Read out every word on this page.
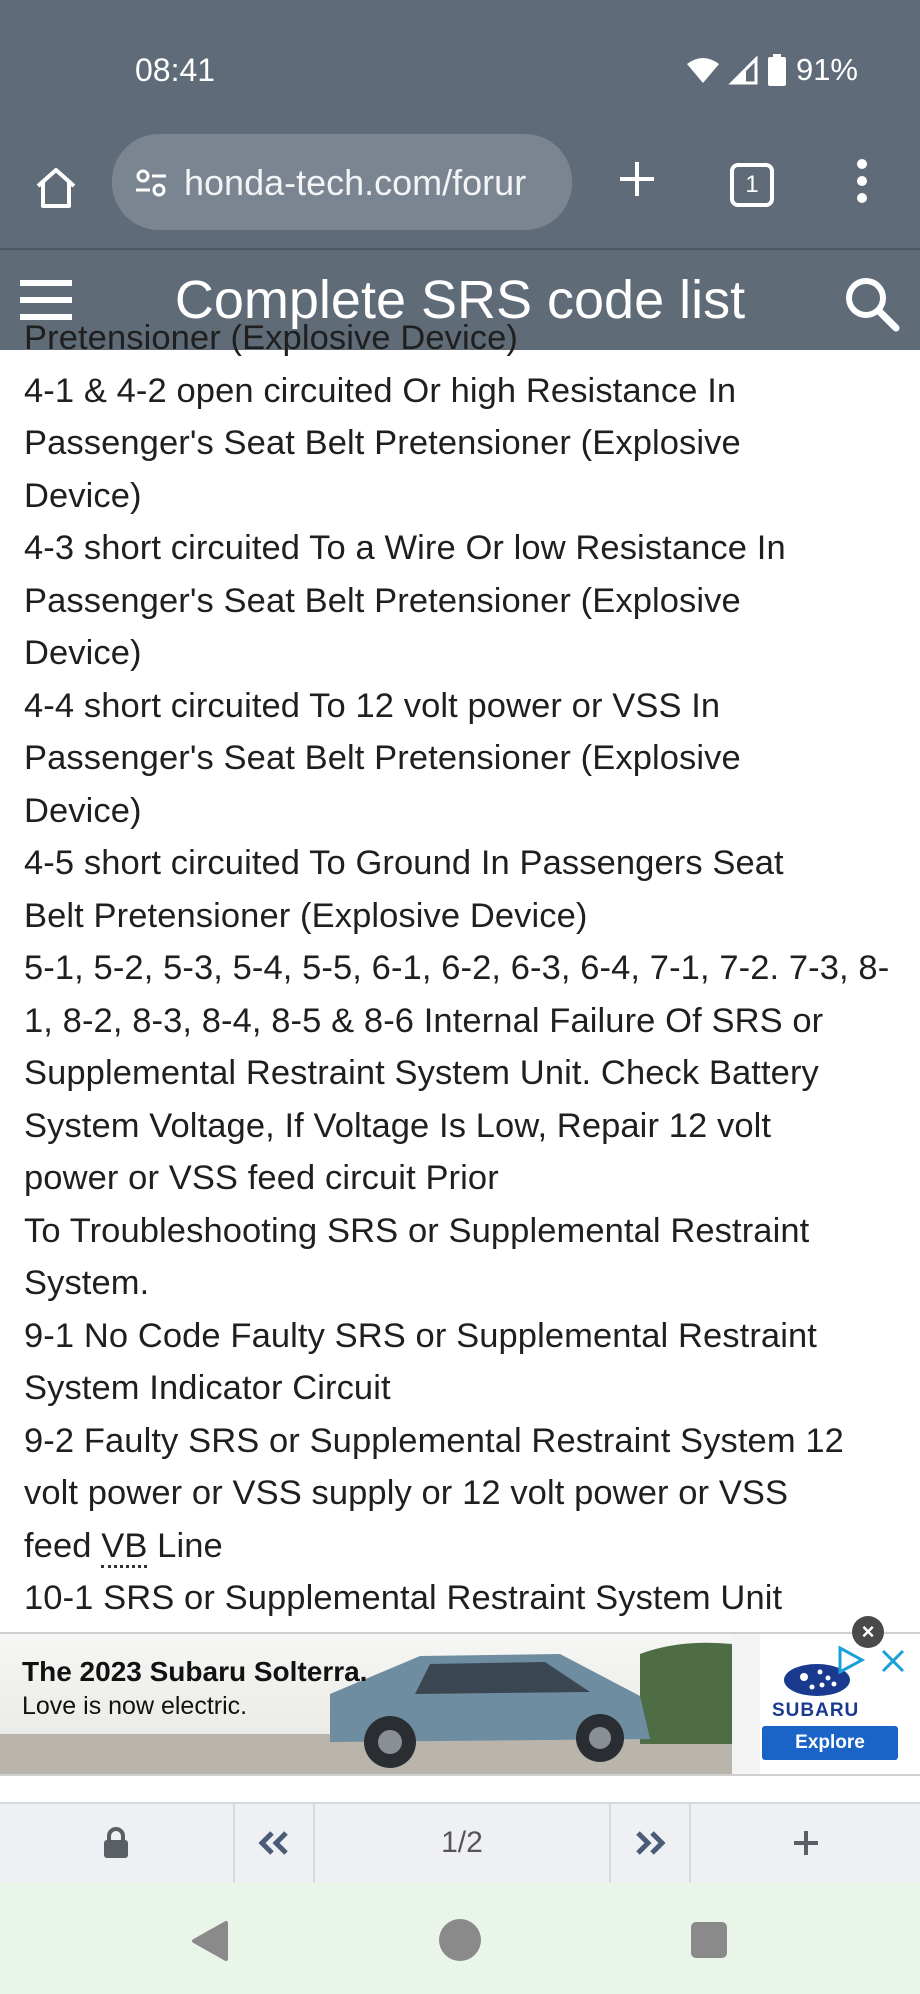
08:41	91%
1
honda-tech.com/forur
Complete SRS code list
Pretensioner (Explosive Device)
4-1 & 4-2 open circuited Or high Resistance In
Passenger's Seat Belt Pretensioner (Explosive
Device)
4-3 short circuited To a Wire Or low Resistance In
Passenger's Seat Belt Pretensioner (Explosive
Device)
4-4 short circuited To 12 volt power or VSS In
Passenger's Seat Belt Pretensioner (Explosive
Device)
4-5 short circuited To Ground In Passengers Seat
Belt Pretensioner (Explosive Device)
5-1, 5-2, 5-3, 5-4, 5-5, 6-1, 6-2, 6-3, 6-4, 7-1, 7-2. 7-3, 8-
1, 8-2, 8-3, 8-4, 8-5 & 8-6 Internal Failure Of SRS or
Supplemental Restraint System Unit. Check Battery
System Voltage, If Voltage Is Low, Repair 12 volt
power or VSS feed circuit Prior
To Troubleshooting SRS or Supplemental Restraint
System.
9-1 No Code Faulty SRS or Supplemental Restraint
System Indicator Circuit
9-2 Faulty SRS or Supplemental Restraint System 12
volt power or VSS supply or 12 volt power or VSS
feed VB Line
10-1 SRS or Supplemental Restraint System Unit
The 2023 Subaru Solterra.
Love is now electric.	SUBARU
Explore
×
1/2
